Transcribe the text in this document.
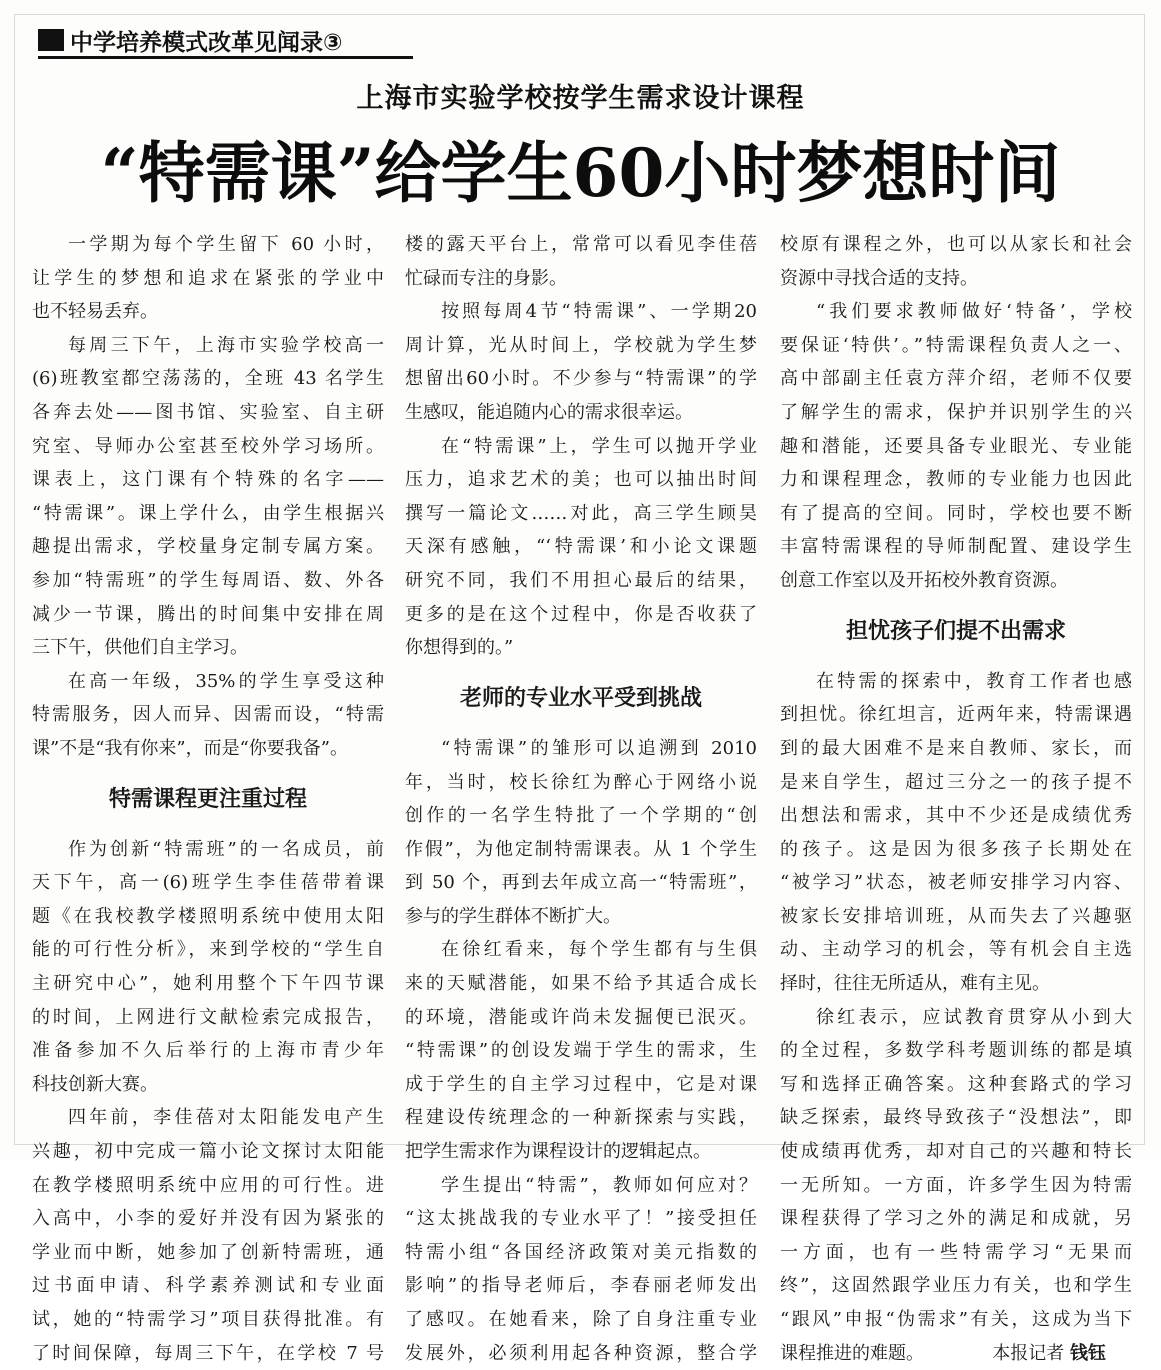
中学培养模式改革见闻录③
上海市实验学校按学生需求设计课程
“特需课”给学生60小时梦想时间
一学期为每个学生留下 60 小时，
让学生的梦想和追求在紧张的学业中
也不轻易丢弃。
每周三下午，上海市实验学校高一
(6)班教室都空荡荡的，全班 43 名学生
各奔去处——图书馆、实验室、自主研
究室、导师办公室甚至校外学习场所。
课表上，这门课有个特殊的名字——
“特需课”。课上学什么，由学生根据兴
趣提出需求，学校量身定制专属方案。
参加“特需班”的学生每周语、数、外各
减少一节课，腾出的时间集中安排在周
三下午，供他们自主学习。
在高一年级，35%的学生享受这种
特需服务，因人而异、因需而设，“特需
课”不是“我有你来”，而是“你要我备”。
特需课程更注重过程
作为创新“特需班”的一名成员，前
天下午，高一(6)班学生李佳蓓带着课
题《在我校教学楼照明系统中使用太阳
能的可行性分析》，来到学校的“学生自
主研究中心”，她利用整个下午四节课
的时间，上网进行文献检索完成报告，
准备参加不久后举行的上海市青少年
科技创新大赛。
四年前，李佳蓓对太阳能发电产生
兴趣，初中完成一篇小论文探讨太阳能
在教学楼照明系统中应用的可行性。进
入高中，小李的爱好并没有因为紧张的
学业而中断，她参加了创新特需班，通
过书面申请、科学素养测试和专业面
试，她的“特需学习”项目获得批准。有
了时间保障，每周三下午，在学校 7 号
楼的露天平台上，常常可以看见李佳蓓
忙碌而专注的身影。
按照每周4节“特需课”、一学期20
周计算，光从时间上，学校就为学生梦
想留出60小时。不少参与“特需课”的学
生感叹，能追随内心的需求很幸运。
在“特需课”上，学生可以抛开学业
压力，追求艺术的美；也可以抽出时间
撰写一篇论文……对此，高三学生顾昊
天深有感触，“‘特需课’和小论文课题
研究不同，我们不用担心最后的结果，
更多的是在这个过程中，你是否收获了
你想得到的。”
老师的专业水平受到挑战
“特需课”的雏形可以追溯到 2010
年，当时，校长徐红为醉心于网络小说
创作的一名学生特批了一个学期的“创
作假”，为他定制特需课表。从 1 个学生
到 50 个，再到去年成立高一“特需班”，
参与的学生群体不断扩大。
在徐红看来，每个学生都有与生俱
来的天赋潜能，如果不给予其适合成长
的环境，潜能或许尚未发掘便已泯灭。
“特需课”的创设发端于学生的需求，生
成于学生的自主学习过程中，它是对课
程建设传统理念的一种新探索与实践，
把学生需求作为课程设计的逻辑起点。
学生提出“特需”，教师如何应对？
“这太挑战我的专业水平了！”接受担任
特需小组“各国经济政策对美元指数的
影响”的指导老师后，李春丽老师发出
了感叹。在她看来，除了自身注重专业
发展外，必须利用起各种资源，整合学
校原有课程之外，也可以从家长和社会
资源中寻找合适的支持。
“我们要求教师做好‘特备’，学校
要保证‘特供’。”特需课程负责人之一、
高中部副主任袁方萍介绍，老师不仅要
了解学生的需求，保护并识别学生的兴
趣和潜能，还要具备专业眼光、专业能
力和课程理念，教师的专业能力也因此
有了提高的空间。同时，学校也要不断
丰富特需课程的导师制配置、建设学生
创意工作室以及开拓校外教育资源。
担忧孩子们提不出需求
在特需的探索中，教育工作者也感
到担忧。徐红坦言，近两年来，特需课遇
到的最大困难不是来自教师、家长，而
是来自学生，超过三分之一的孩子提不
出想法和需求，其中不少还是成绩优秀
的孩子。这是因为很多孩子长期处在
“被学习”状态，被老师安排学习内容、
被家长安排培训班，从而失去了兴趣驱
动、主动学习的机会，等有机会自主选
择时，往往无所适从，难有主见。
徐红表示，应试教育贯穿从小到大
的全过程，多数学科考题训练的都是填
写和选择正确答案。这种套路式的学习
缺乏探索，最终导致孩子“没想法”，即
使成绩再优秀，却对自己的兴趣和特长
一无所知。一方面，许多学生因为特需
课程获得了学习之外的满足和成就，另
一方面，也有一些特需学习“无果而
终”，这固然跟学业压力有关，也和学生
“跟风”申报“伪需求”有关，这成为当下
课程推进的难题。	本报记者 钱钰
